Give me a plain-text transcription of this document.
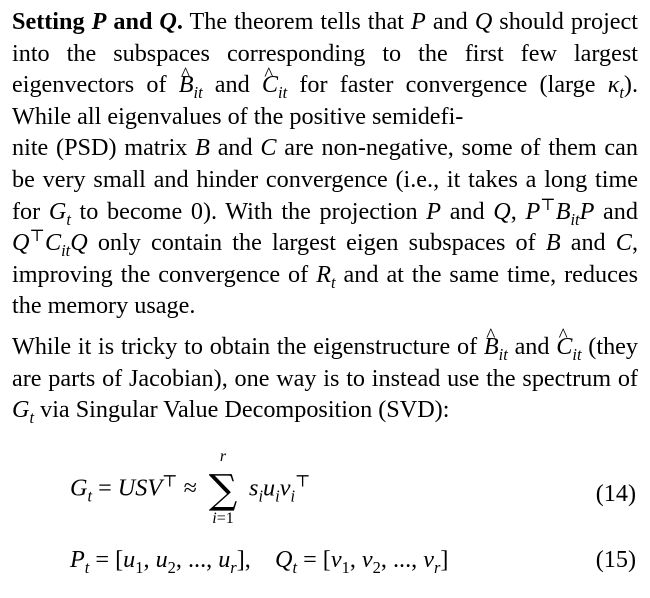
Setting P and Q. The theorem tells that P and Q should project into the subspaces corresponding to the first few largest eigenvectors of ^ $B_{it}$ and ^ $C_{it}$ for faster convergence (large $\kappa_t$). While all eigenvalues of the positive semidefi-
nite (PSD) matrix B and C are non-negative, some of them can be very small and hinder convergence (i.e., it takes a long time for $G_t$ to become 0). With the projection P and Q, $P^⊤B_{it}P$ and $Q^⊤C_{it}Q$ only contain the largest eigen subspaces of B and C, improving the convergence of $R_t$ and at the same time, reduces the memory usage.

While it is tricky to obtain the eigenstructure of ^ $B_{it}$ and ^ $C_{it}$ (they are parts of Jacobian), one way is to instead use the spectrum of $G_t$ via Singular Value Decomposition (SVD):

$G_t = USV^⊤$ ≈
r
∑
i=1
$s_iu_iv_i^⊤$	(14)
$P_t = [u_1$, $u_2$, ..., $u_r$],    $Q_t = [v_1$, $v_2$, ..., $v_r$]	(15)
